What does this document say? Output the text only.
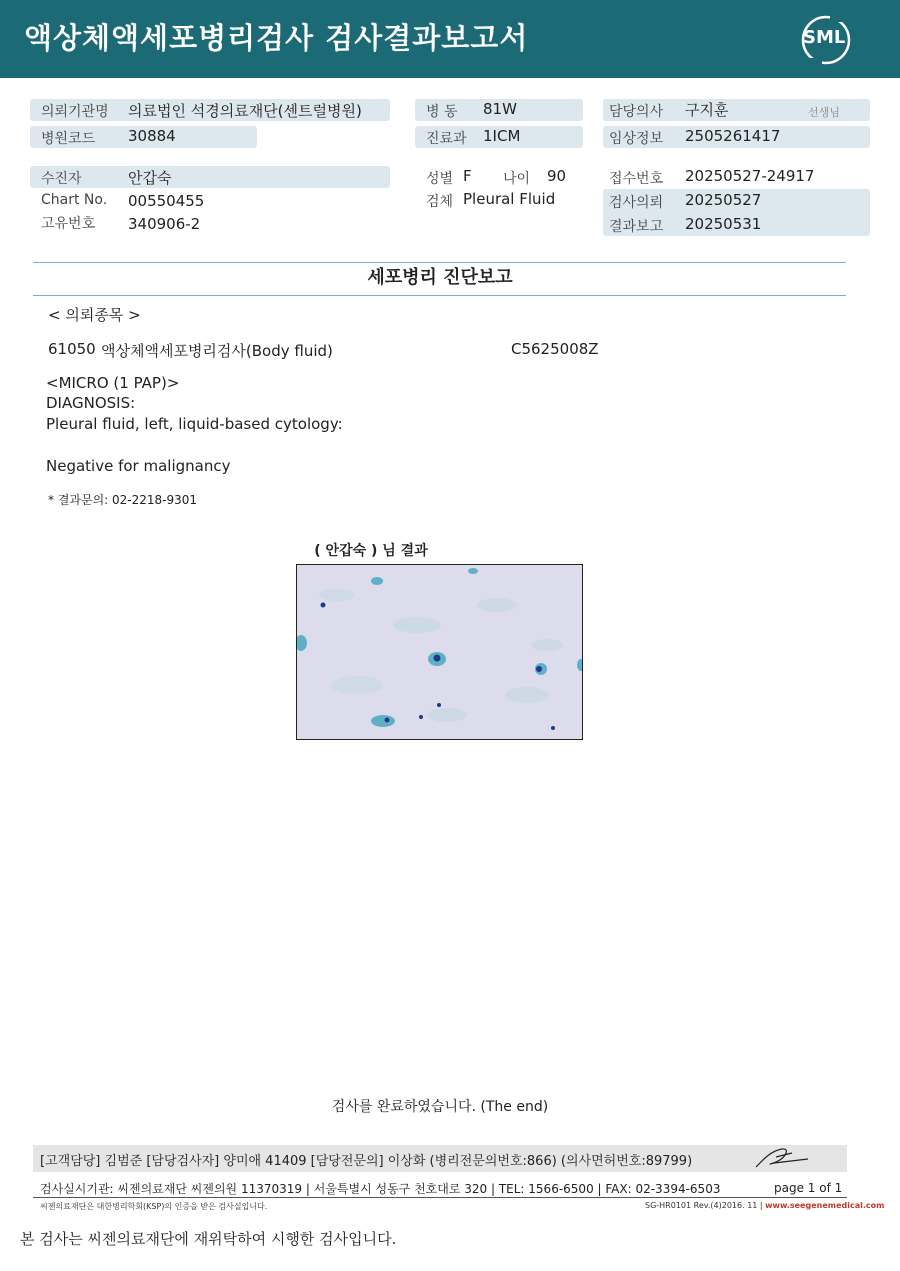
액상체액세포병리검사 검사결과보고서	SML
의뢰기관명 의료법인 석경의료재단(센트럴병원)
병원코드 30884
수진자	안갑숙
Chart No. 00550455
고유번호 340906-2
병 동 81W
진료과 1ICM
성별 F 나이 90
검체 Pleural Fluid
담당의사 구지훈	선생님
임상정보 2505261417
접수번호 20250527-24917
검사의뢰 20250527
결과보고 20250531
세포병리 진단보고
< 의뢰종목 >
61050 액상체액세포병리검사(Body fluid)	C5625008Z
<MICRO (1 PAP)>
DIAGNOSIS:
Pleural fluid, left, liquid-based cytology:
Negative for malignancy
* 결과문의: 02-2218-9301
( 안갑숙 ) 님 결과
검사를 완료하였습니다. (The end)
[고객담당] 김범준 [담당검사자] 양미애 41409 [담당전문의] 이상화 (병리전문의번호:866) (의사면허번호:89799)
검사실시기관: 씨젠의료재단 씨젠의원 11370319 | 서울특별시 성동구 천호대로 320 | TEL: 1566-6500 | FAX: 02-3394-6503	page 1 of 1
씨젠의료재단은 대한병리학회(KSP)의 인증을 받은 검사실입니다.	SG-HR0101 Rev.(4)2016. 11 | www.seegenemedical.com
본 검사는 씨젠의료재단에 재위탁하여 시행한 검사입니다.
